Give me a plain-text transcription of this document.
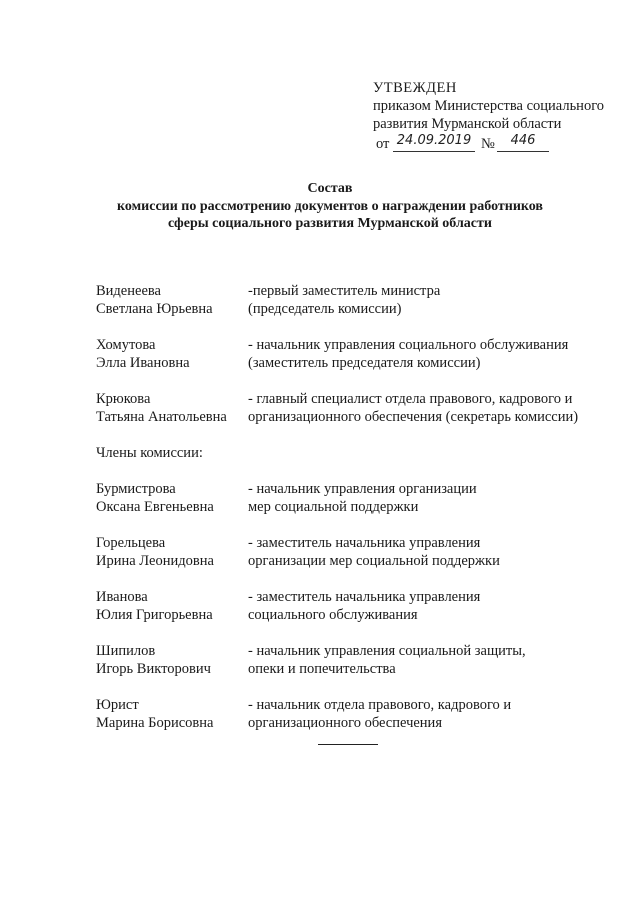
УТВЕЖДЕН
приказом Министерства социального
развития Мурманской области
от 24.09.2019 №	446
Состав
комиссии по рассмотрению документов о награждении работников
сферы социального развития Мурманской области
Виденеева
Светлана Юрьевна
-первый заместитель министра
(председатель комиссии)
Хомутова
Элла Ивановна
- начальник управления социального обслуживания
(заместитель председателя комиссии)
Крюкова
Татьяна Анатольевна
- главный специалист отдела правового, кадрового и
организационного обеспечения (секретарь комиссии)
Члены комиссии:
Бурмистрова
Оксана Евгеньевна
- начальник управления организации
мер социальной поддержки
Горельцева
Ирина Леонидовна
- заместитель начальника управления
организации мер социальной поддержки
Иванова
Юлия Григорьевна
- заместитель начальника управления
социального обслуживания
Шипилов
Игорь Викторович
- начальник управления социальной защиты,
опеки и попечительства
Юрист
Марина Борисовна
- начальник отдела правового, кадрового и
организационного обеспечения
